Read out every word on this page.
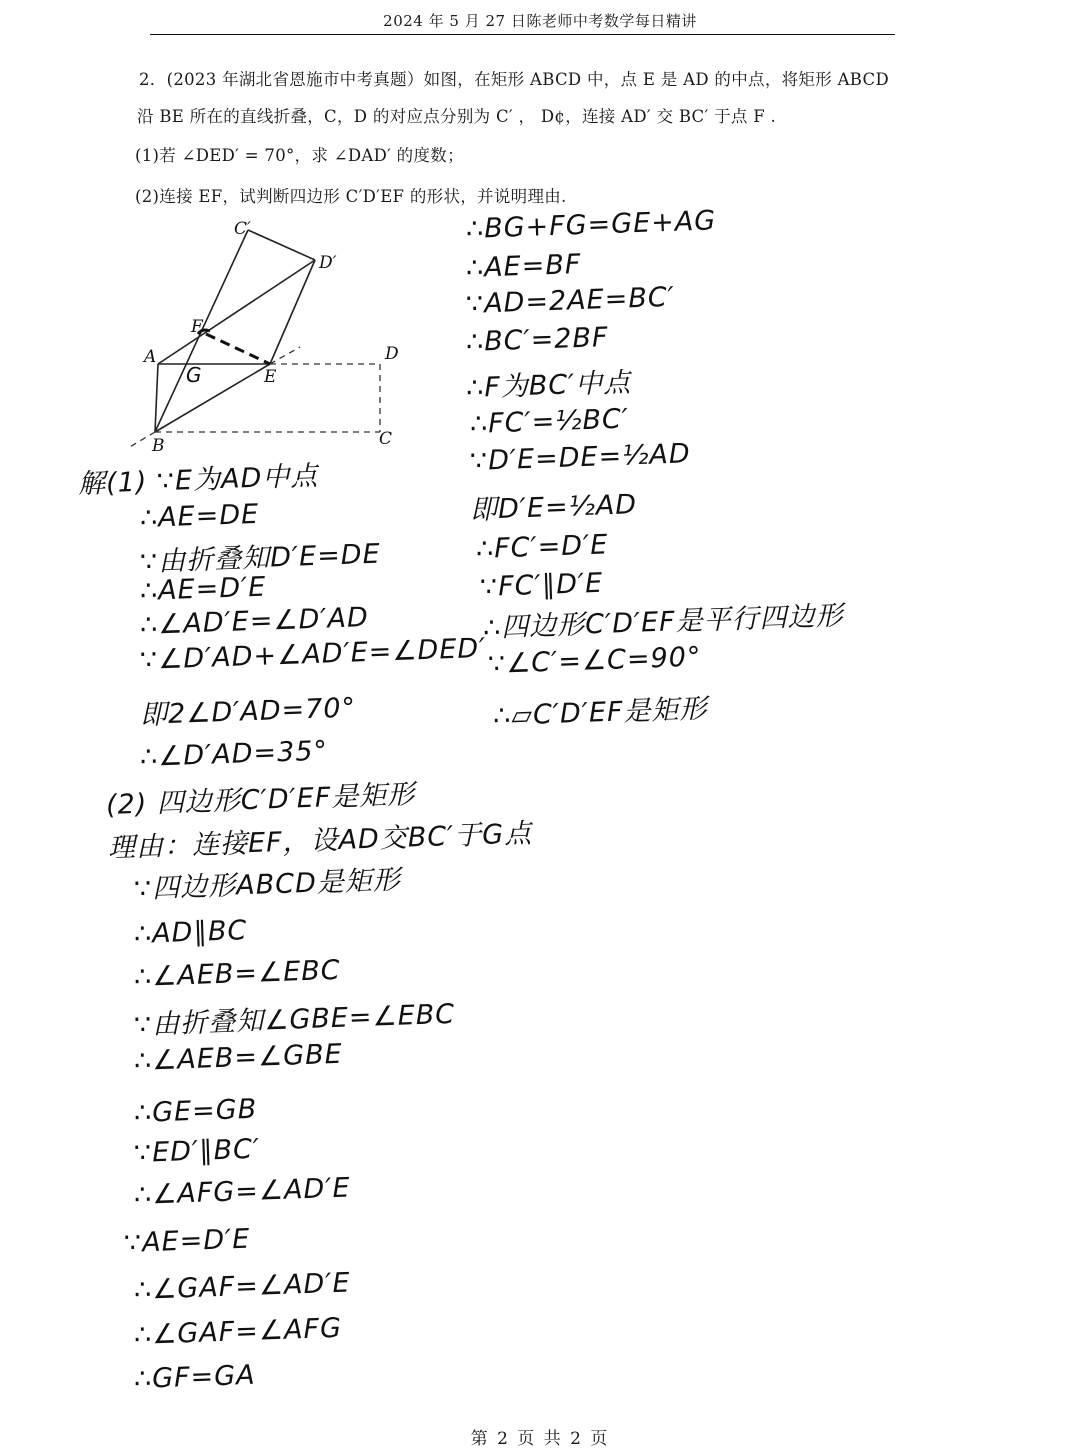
2024 年 5 月 27 日陈老师中考数学每日精讲
2．(2023 年湖北省恩施市中考真题）如图，在矩形 ABCD 中，点 E 是 AD 的中点，将矩形 ABCD
沿 BE 所在的直线折叠，C，D 的对应点分别为 C′ ， D¢，连接 AD′ 交 BC′ 于点 F .
(1)若 ∠DED′ = 70°，求 ∠DAD′ 的度数；
(2)连接 EF，试判断四边形 C′D′EF 的形状，并说明理由.
C′
D′
F
A
G	E
D
B	C
解(1) ∵E为AD中点
∴AE=DE
∵由折叠知D′E=DE
∴AE=D′E
∴∠AD′E=∠D′AD
∵∠D′AD+∠AD′E=∠DED′
即2∠D′AD=70°
∴∠D′AD=35°
(2) 四边形C′D′EF是矩形
理由：连接EF，设AD交BC′于G点
∵四边形ABCD是矩形
∴AD∥BC
∴∠AEB=∠EBC
∵由折叠知∠GBE=∠EBC
∴∠AEB=∠GBE
∴GE=GB
∵ED′∥BC′
∴∠AFG=∠AD′E
∵AE=D′E
∴∠GAF=∠AD′E
∴∠GAF=∠AFG
∴GF=GA
∴BG+FG=GE+AG
∴AE=BF
∵AD=2AE=BC′
∴BC′=2BF
∴F为BC′中点
∴FC′=½BC′
∵D′E=DE=½AD
即D′E=½AD
∴FC′=D′E
∵FC′∥D′E
∴四边形C′D′EF是平行四边形
∵∠C′=∠C=90°
∴▱C′D′EF是矩形
第 2 页 共 2 页
